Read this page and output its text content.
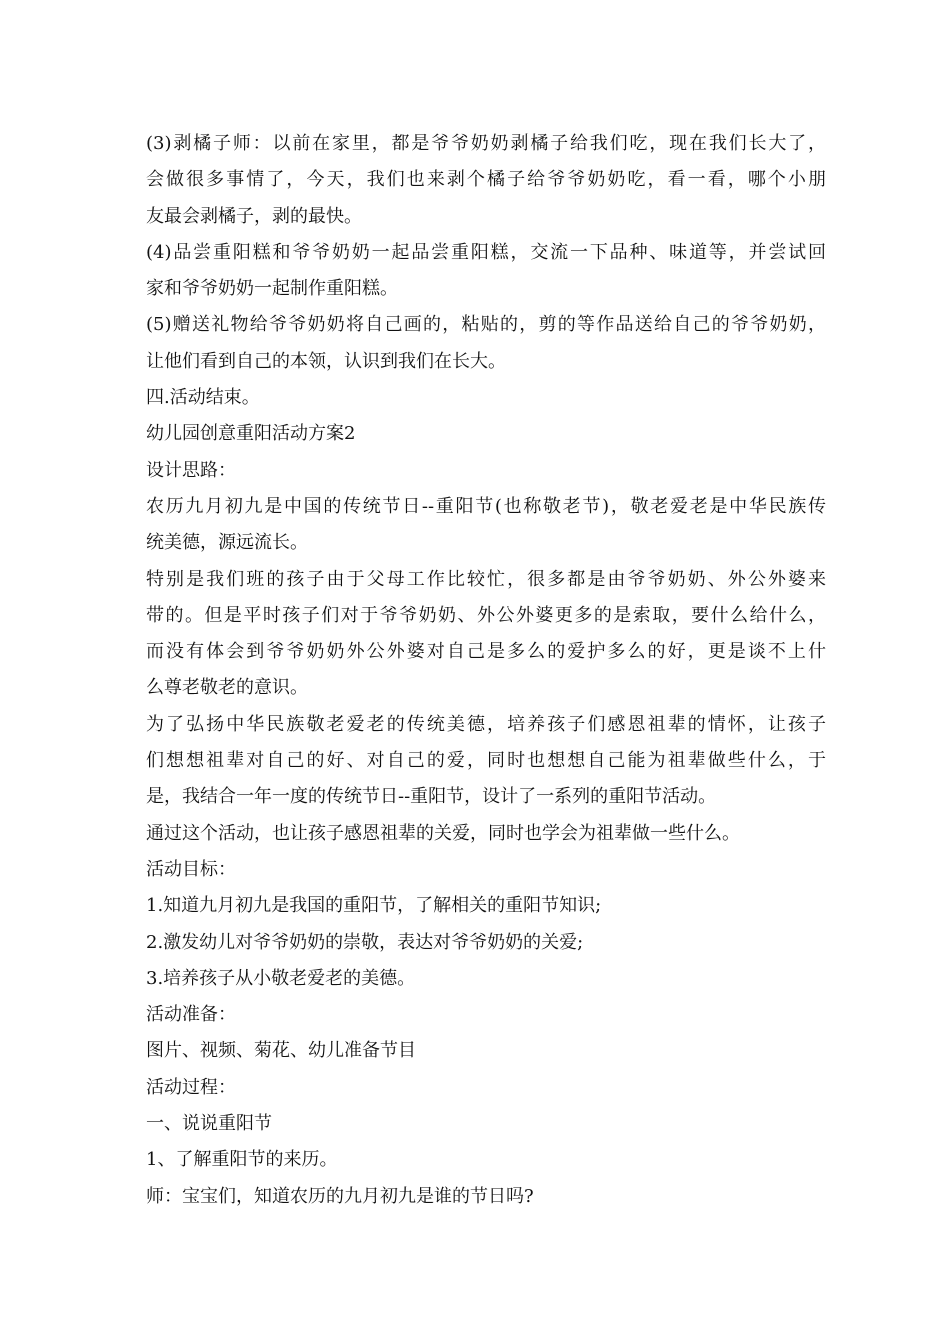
(3)剥橘子师：以前在家里，都是爷爷奶奶剥橘子给我们吃，现在我们长大了，
会做很多事情了，今天，我们也来剥个橘子给爷爷奶奶吃，看一看，哪个小朋
友最会剥橘子，剥的最快。
(4)品尝重阳糕和爷爷奶奶一起品尝重阳糕，交流一下品种、味道等，并尝试回
家和爷爷奶奶一起制作重阳糕。
(5)赠送礼物给爷爷奶奶将自己画的，粘贴的，剪的等作品送给自己的爷爷奶奶，
让他们看到自己的本领，认识到我们在长大。
四.活动结束。
幼儿园创意重阳活动方案2
设计思路：
农历九月初九是中国的传统节日--重阳节(也称敬老节)，敬老爱老是中华民族传
统美德，源远流长。
特别是我们班的孩子由于父母工作比较忙，很多都是由爷爷奶奶、外公外婆来
带的。但是平时孩子们对于爷爷奶奶、外公外婆更多的是索取，要什么给什么，
而没有体会到爷爷奶奶外公外婆对自己是多么的爱护多么的好，更是谈不上什
么尊老敬老的意识。
为了弘扬中华民族敬老爱老的传统美德，培养孩子们感恩祖辈的情怀，让孩子
们想想祖辈对自己的好、对自己的爱，同时也想想自己能为祖辈做些什么，于
是，我结合一年一度的传统节日--重阳节，设计了一系列的重阳节活动。
通过这个活动，也让孩子感恩祖辈的关爱，同时也学会为祖辈做一些什么。
活动目标：
1.知道九月初九是我国的重阳节，了解相关的重阳节知识;
2.激发幼儿对爷爷奶奶的崇敬，表达对爷爷奶奶的关爱;
3.培养孩子从小敬老爱老的美德。
活动准备：
图片、视频、菊花、幼儿准备节目
活动过程：
一、说说重阳节
1、了解重阳节的来历。
师：宝宝们，知道农历的九月初九是谁的节日吗?
